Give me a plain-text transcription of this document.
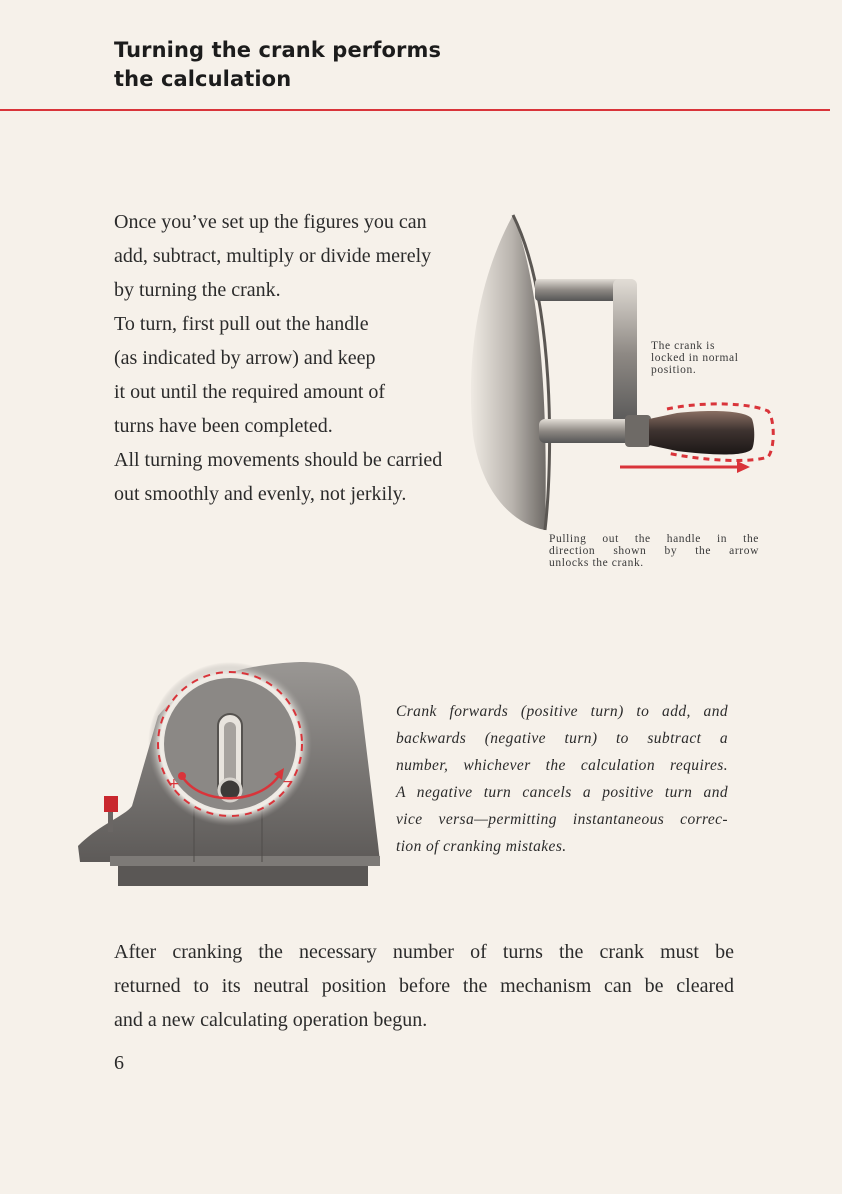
Turning the crank performs
the calculation
Once you’ve set up the figures you can
add, subtract, multiply or divide merely
by turning the crank.
To turn, first pull out the handle
(as indicated by arrow) and keep
it out until the required amount of
turns have been completed.
All turning movements should be carried
out smoothly and evenly, not jerkily.
The crank is
locked in normal
position.
Pulling out the handle in the
direction shown by the arrow
unlocks the crank.
+	−
Crank forwards (positive turn) to add, and
backwards (negative turn) to subtract a
number, whichever the calculation requires.
A negative turn cancels a positive turn and
vice versa—permitting instantaneous correc-
tion of cranking mistakes.
After cranking the necessary number of turns the crank must be
returned to its neutral position before the mechanism can be cleared
and a new calculating operation begun.
6
